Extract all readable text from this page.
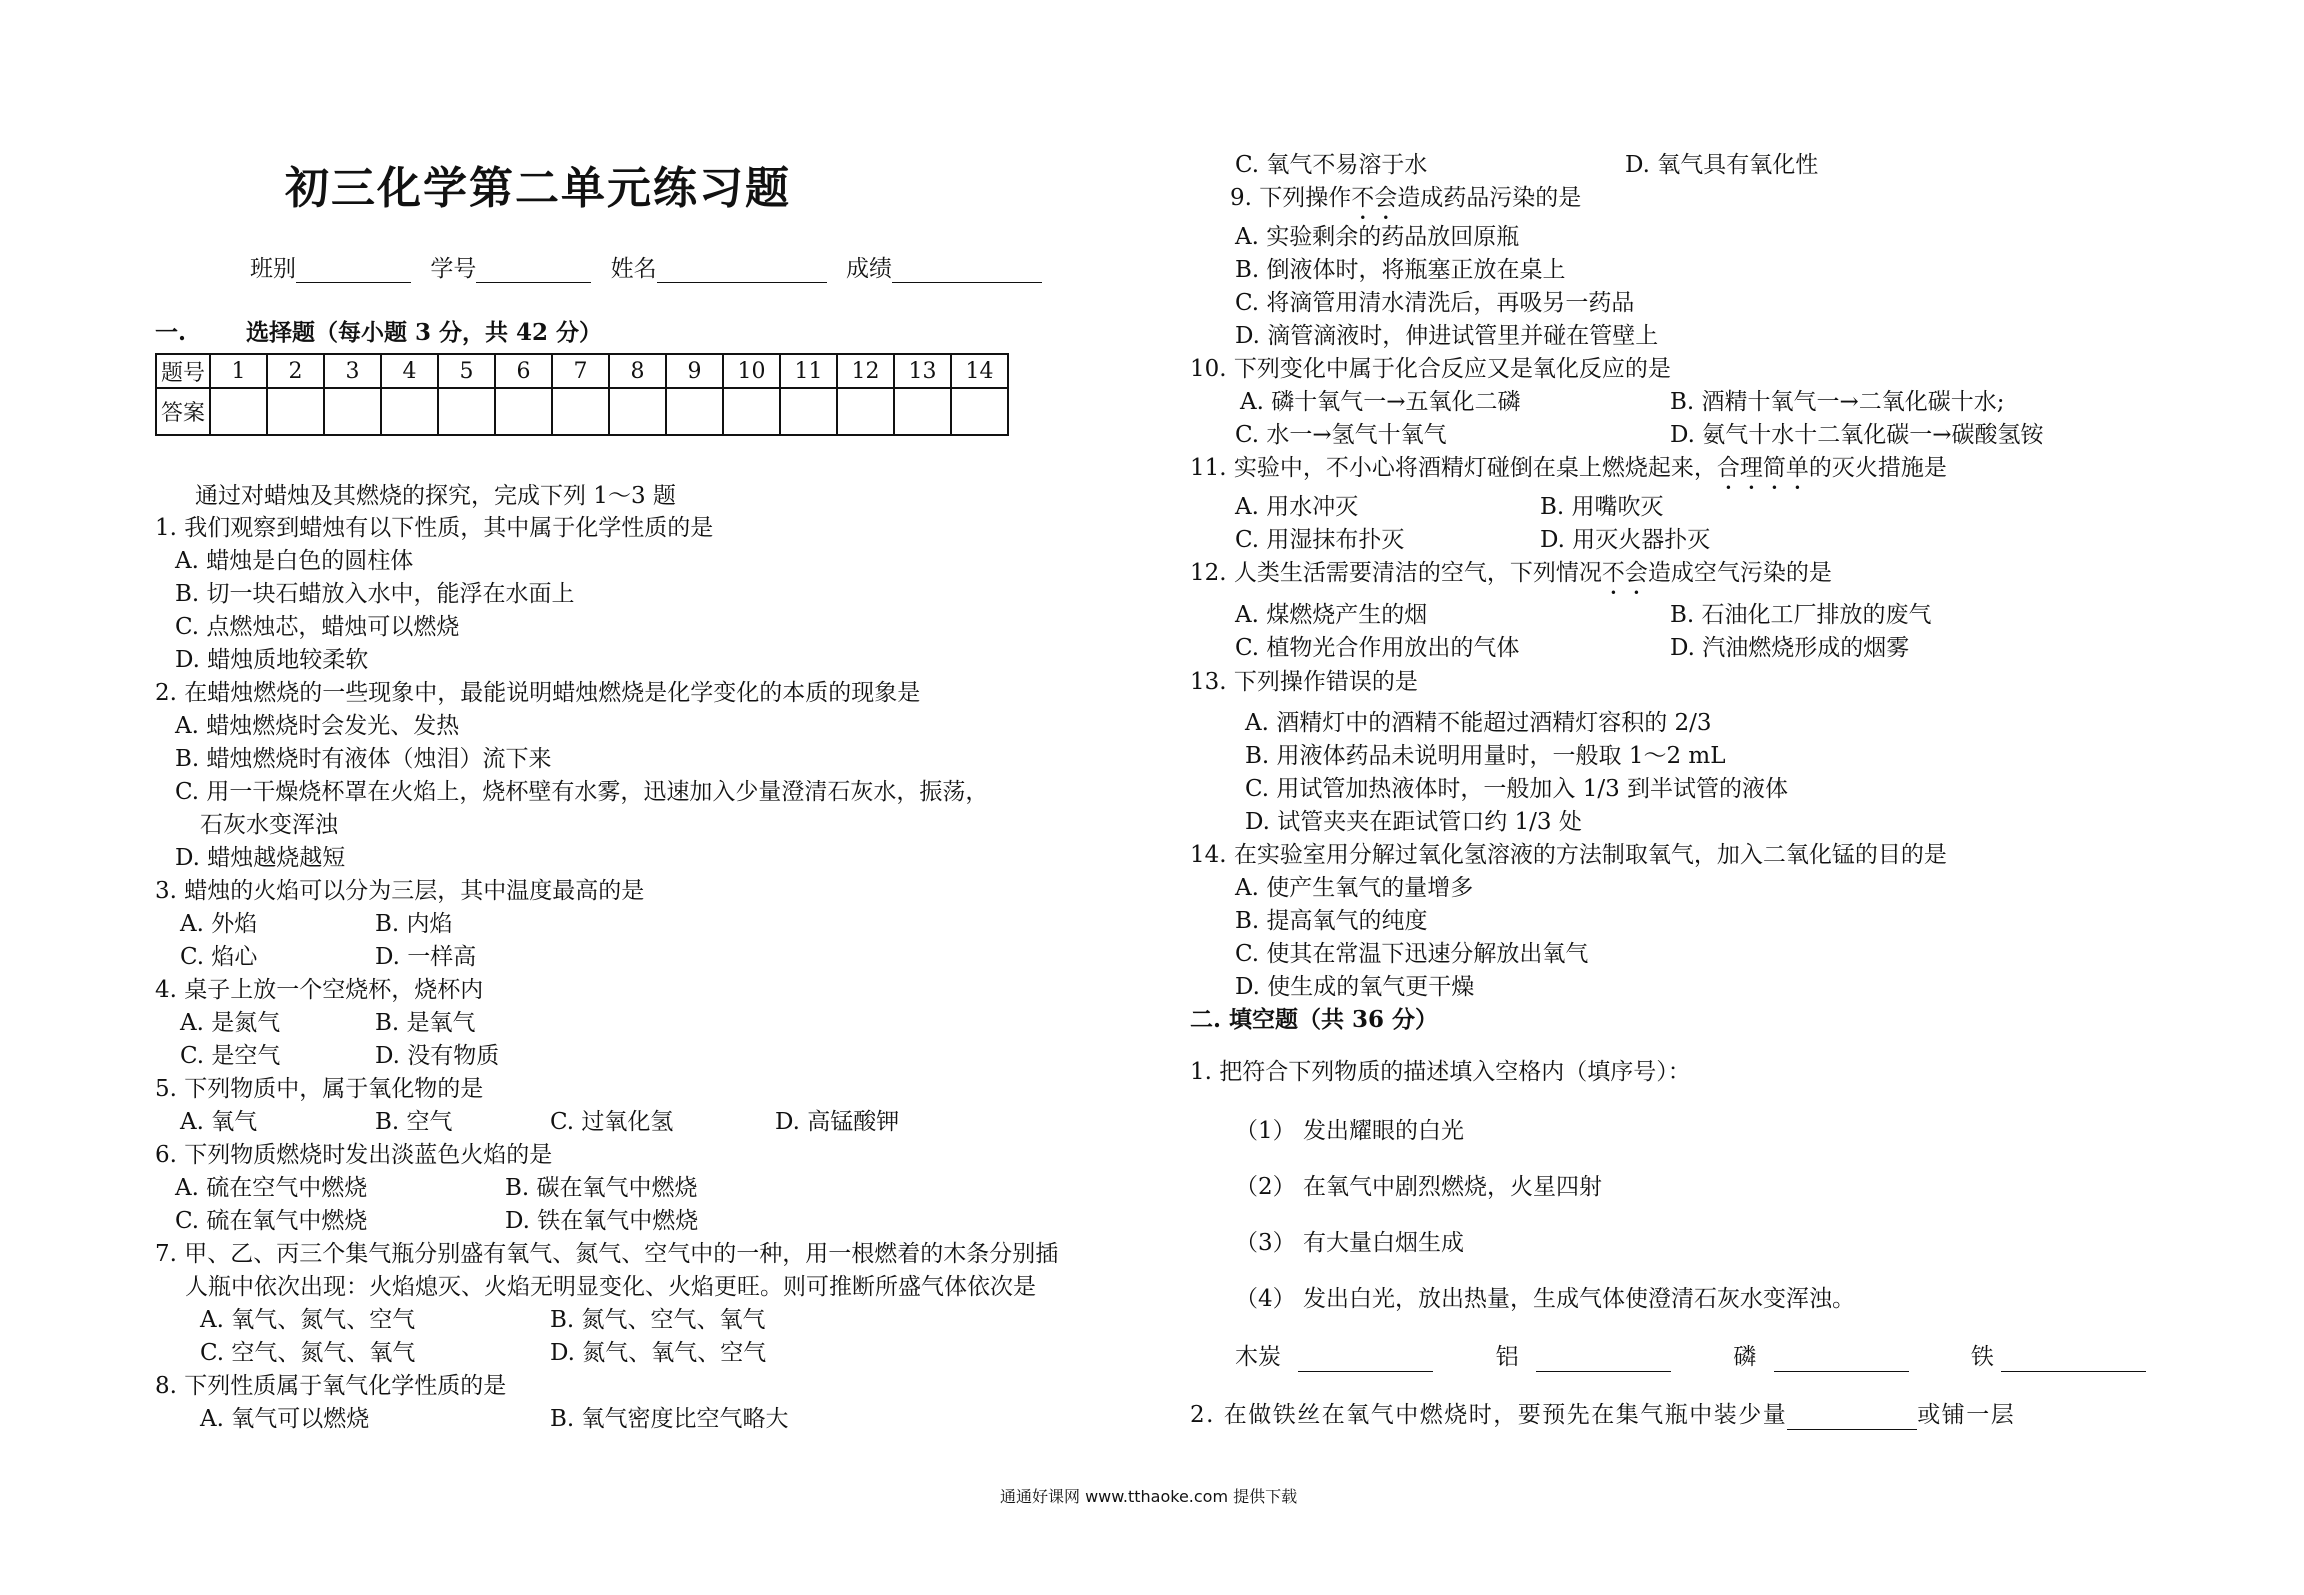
初三化学第二单元练习题
班别	学号	姓名	成绩
一.	选择题（每小题 3 分，共 42 分）
题号	1	2	3	4	5	6	7	8	9	10	11	12	13	14
答案														
通过对蜡烛及其燃烧的探究，完成下列 1～3 题
1. 我们观察到蜡烛有以下性质，其中属于化学性质的是
A. 蜡烛是白色的圆柱体
B. 切一块石蜡放入水中，能浮在水面上
C. 点燃烛芯，蜡烛可以燃烧
D. 蜡烛质地较柔软
2. 在蜡烛燃烧的一些现象中，最能说明蜡烛燃烧是化学变化的本质的现象是
A. 蜡烛燃烧时会发光、发热
B. 蜡烛燃烧时有液体（烛泪）流下来
C. 用一干燥烧杯罩在火焰上，烧杯壁有水雾，迅速加入少量澄清石灰水，振荡，
石灰水变浑浊
D. 蜡烛越烧越短
3. 蜡烛的火焰可以分为三层，其中温度最高的是
A. 外焰	B. 内焰
C. 焰心	D. 一样高
4. 桌子上放一个空烧杯，烧杯内
A. 是氮气	B. 是氧气
C. 是空气	D. 没有物质
5. 下列物质中，属于氧化物的是
A. 氧气	B. 空气	C. 过氧化氢	D. 高锰酸钾
6. 下列物质燃烧时发出淡蓝色火焰的是
A. 硫在空气中燃烧	B. 碳在氧气中燃烧
C. 硫在氧气中燃烧	D. 铁在氧气中燃烧
7. 甲、乙、丙三个集气瓶分别盛有氧气、氮气、空气中的一种，用一根燃着的木条分别插
人瓶中依次出现：火焰熄灭、火焰无明显变化、火焰更旺。则可推断所盛气体依次是
A. 氧气、氮气、空气	B. 氮气、空气、氧气
C. 空气、氮气、氧气	D. 氮气、氧气、空气
8. 下列性质属于氧气化学性质的是
A. 氧气可以燃烧	B. 氧气密度比空气略大
C. 氧气不易溶于水	D. 氧气具有氧化性
9. 下列操作不会造成药品污染的是
A. 实验剩余的药品放回原瓶
B. 倒液体时，将瓶塞正放在桌上
C. 将滴管用清水清洗后，再吸另一药品
D. 滴管滴液时，伸进试管里并碰在管壁上
10. 下列变化中属于化合反应又是氧化反应的是
A. 磷十氧气一→五氧化二磷	B. 酒精十氧气一→二氧化碳十水;
C. 水一→氢气十氧气	D. 氨气十水十二氧化碳一→碳酸氢铵
11. 实验中，不小心将酒精灯碰倒在桌上燃烧起来，合理简单的灭火措施是
A. 用水冲灭	B. 用嘴吹灭
C. 用湿抹布扑灭	D. 用灭火器扑灭
12. 人类生活需要清洁的空气，下列情况不会造成空气污染的是
A. 煤燃烧产生的烟	B. 石油化工厂排放的废气
C. 植物光合作用放出的气体	D. 汽油燃烧形成的烟雾
13. 下列操作错误的是
A. 酒精灯中的酒精不能超过酒精灯容积的 2/3
B. 用液体药品未说明用量时，一般取 1～2 mL
C. 用试管加热液体时，一般加入 1/3 到半试管的液体
D. 试管夹夹在距试管口约 1/3 处
14. 在实验室用分解过氧化氢溶液的方法制取氧气，加入二氧化锰的目的是
A. 使产生氧气的量增多
B. 提高氧气的纯度
C. 使其在常温下迅速分解放出氧气
D. 使生成的氧气更干燥
二. 填空题（共 36 分）
1. 把符合下列物质的描述填入空格内（填序号）：
（1） 发出耀眼的白光
（2） 在氧气中剧烈燃烧，火星四射
（3） 有大量白烟生成
（4） 发出白光，放出热量，生成气体使澄清石灰水变浑浊。
木炭	铝	磷	铁
2. 在做铁丝在氧气中燃烧时，要预先在集气瓶中装少量	或铺一层
通通好课网 www.tthaoke.com 提供下载
